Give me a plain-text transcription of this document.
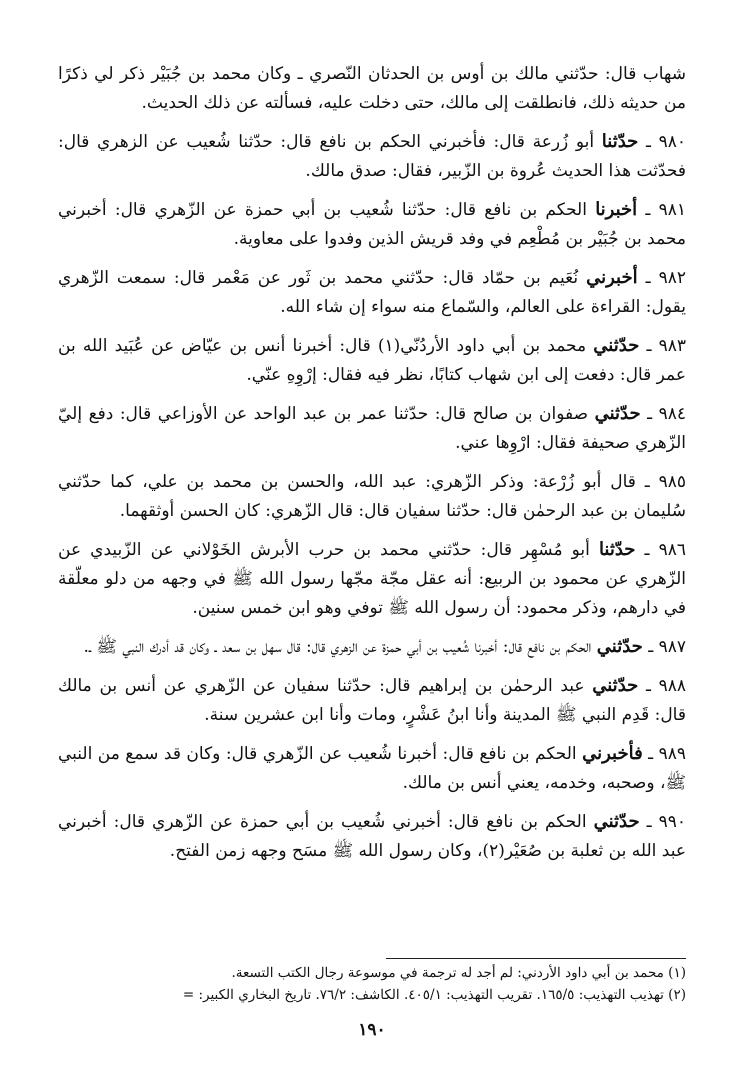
شهاب قال: حدّثني مالك بن أوس بن الحدثان النّصري ـ وكان محمد بن جُبَيْر ذكر لي ذكرًا من حديثه ذلك، فانطلقت إلى مالك، حتى دخلت عليه، فسألته عن ذلك الحديث.

٩٨٠ ـ حدّثنا أبو زُرعة قال: فأخبرني الحكم بن نافع قال: حدّثنا شُعيب عن الزهري قال: فحدّثت هذا الحديث عُروة بن الزّبير، فقال: صدق مالك.

٩٨١ ـ أخبرنا الحكم بن نافع قال: حدّثنا شُعيب بن أبي حمزة عن الزّهري قال: أخبرني محمد بن جُبَيْر بن مُطْعِم في وفد قريش الذين وفدوا على معاوية.

٩٨٢ ـ أخبرني نُعَيم بن حمّاد قال: حدّثني محمد بن ثَور عن مَعْمر قال: سمعت الزّهري يقول: القراءة على العالم، والسّماع منه سواء إن شاء الله.

٩٨٣ ـ حدّثني محمد بن أبي داود الأردُنّي(١) قال: أخبرنا أنس بن عيّاض عن عُبَيد الله بن عمر قال: دفعت إلى ابن شهاب كتابًا، نظر فيه فقال: إرْوِهِ عنّي.

٩٨٤ ـ حدّثني صفوان بن صالح قال: حدّثنا عمر بن عبد الواحد عن الأوزاعي قال: دفع إليّ الزّهري صحيفة فقال: ارْوِها عني.

٩٨٥ ـ قال أبو زُرْعة: وذكر الزّهري: عبد الله، والحسن بن محمد بن علي، كما حدّثني سُليمان بن عبد الرحمٰن قال: حدّثنا سفيان قال: قال الزّهري: كان الحسن أوثقهما.

٩٨٦ ـ حدّثنا أبو مُسْهِر قال: حدّثني محمد بن حرب الأبرش الخَوْلاني عن الزّبيدي عن الزّهري عن محمود بن الربيع: أنه عقل مجّة مجّها رسول الله ﷺ في وجهه من دلو معلّقة في دارهم، وذكر محمود: أن رسول الله ﷺ توفي وهو ابن خمس سنين.

٩٨٧ ـ حدّثني الحكم بن نافع قال: أخبرنا شُعيب بن أبي حمزة عن الزهري قال: قال سهل بن سعد ـ وكان قد أدرك النبي ﷺ ـ.

٩٨٨ ـ حدّثني عبد الرحمٰن بن إبراهيم قال: حدّثنا سفيان عن الزّهري عن أنس بن مالك قال: قَدِم النبي ﷺ المدينة وأنا ابنُ عَشْرٍ، ومات وأنا ابن عشرين سنة.

٩٨٩ ـ فأخبرني الحكم بن نافع قال: أخبرنا شُعيب عن الزّهري قال: وكان قد سمع من النبي ﷺ، وصحبه، وخدمه، يعني أنس بن مالك.

٩٩٠ ـ حدّثني الحكم بن نافع قال: أخبرني شُعيب بن أبي حمزة عن الزّهري قال: أخبرني عبد الله بن ثعلبة بن صُعَيْر(٢)، وكان رسول الله ﷺ مسَح وجهه زمن الفتح.

(١) محمد بن أبي داود الأردني: لم أجد له ترجمة في موسوعة رجال الكتب التسعة.

(٢) تهذيب التهذيب: ١٦٥/٥. تقريب التهذيب: ٤٠٥/١. الكاشف: ٧٦/٢. تاريخ البخاري الكبير: =

١٩٠
